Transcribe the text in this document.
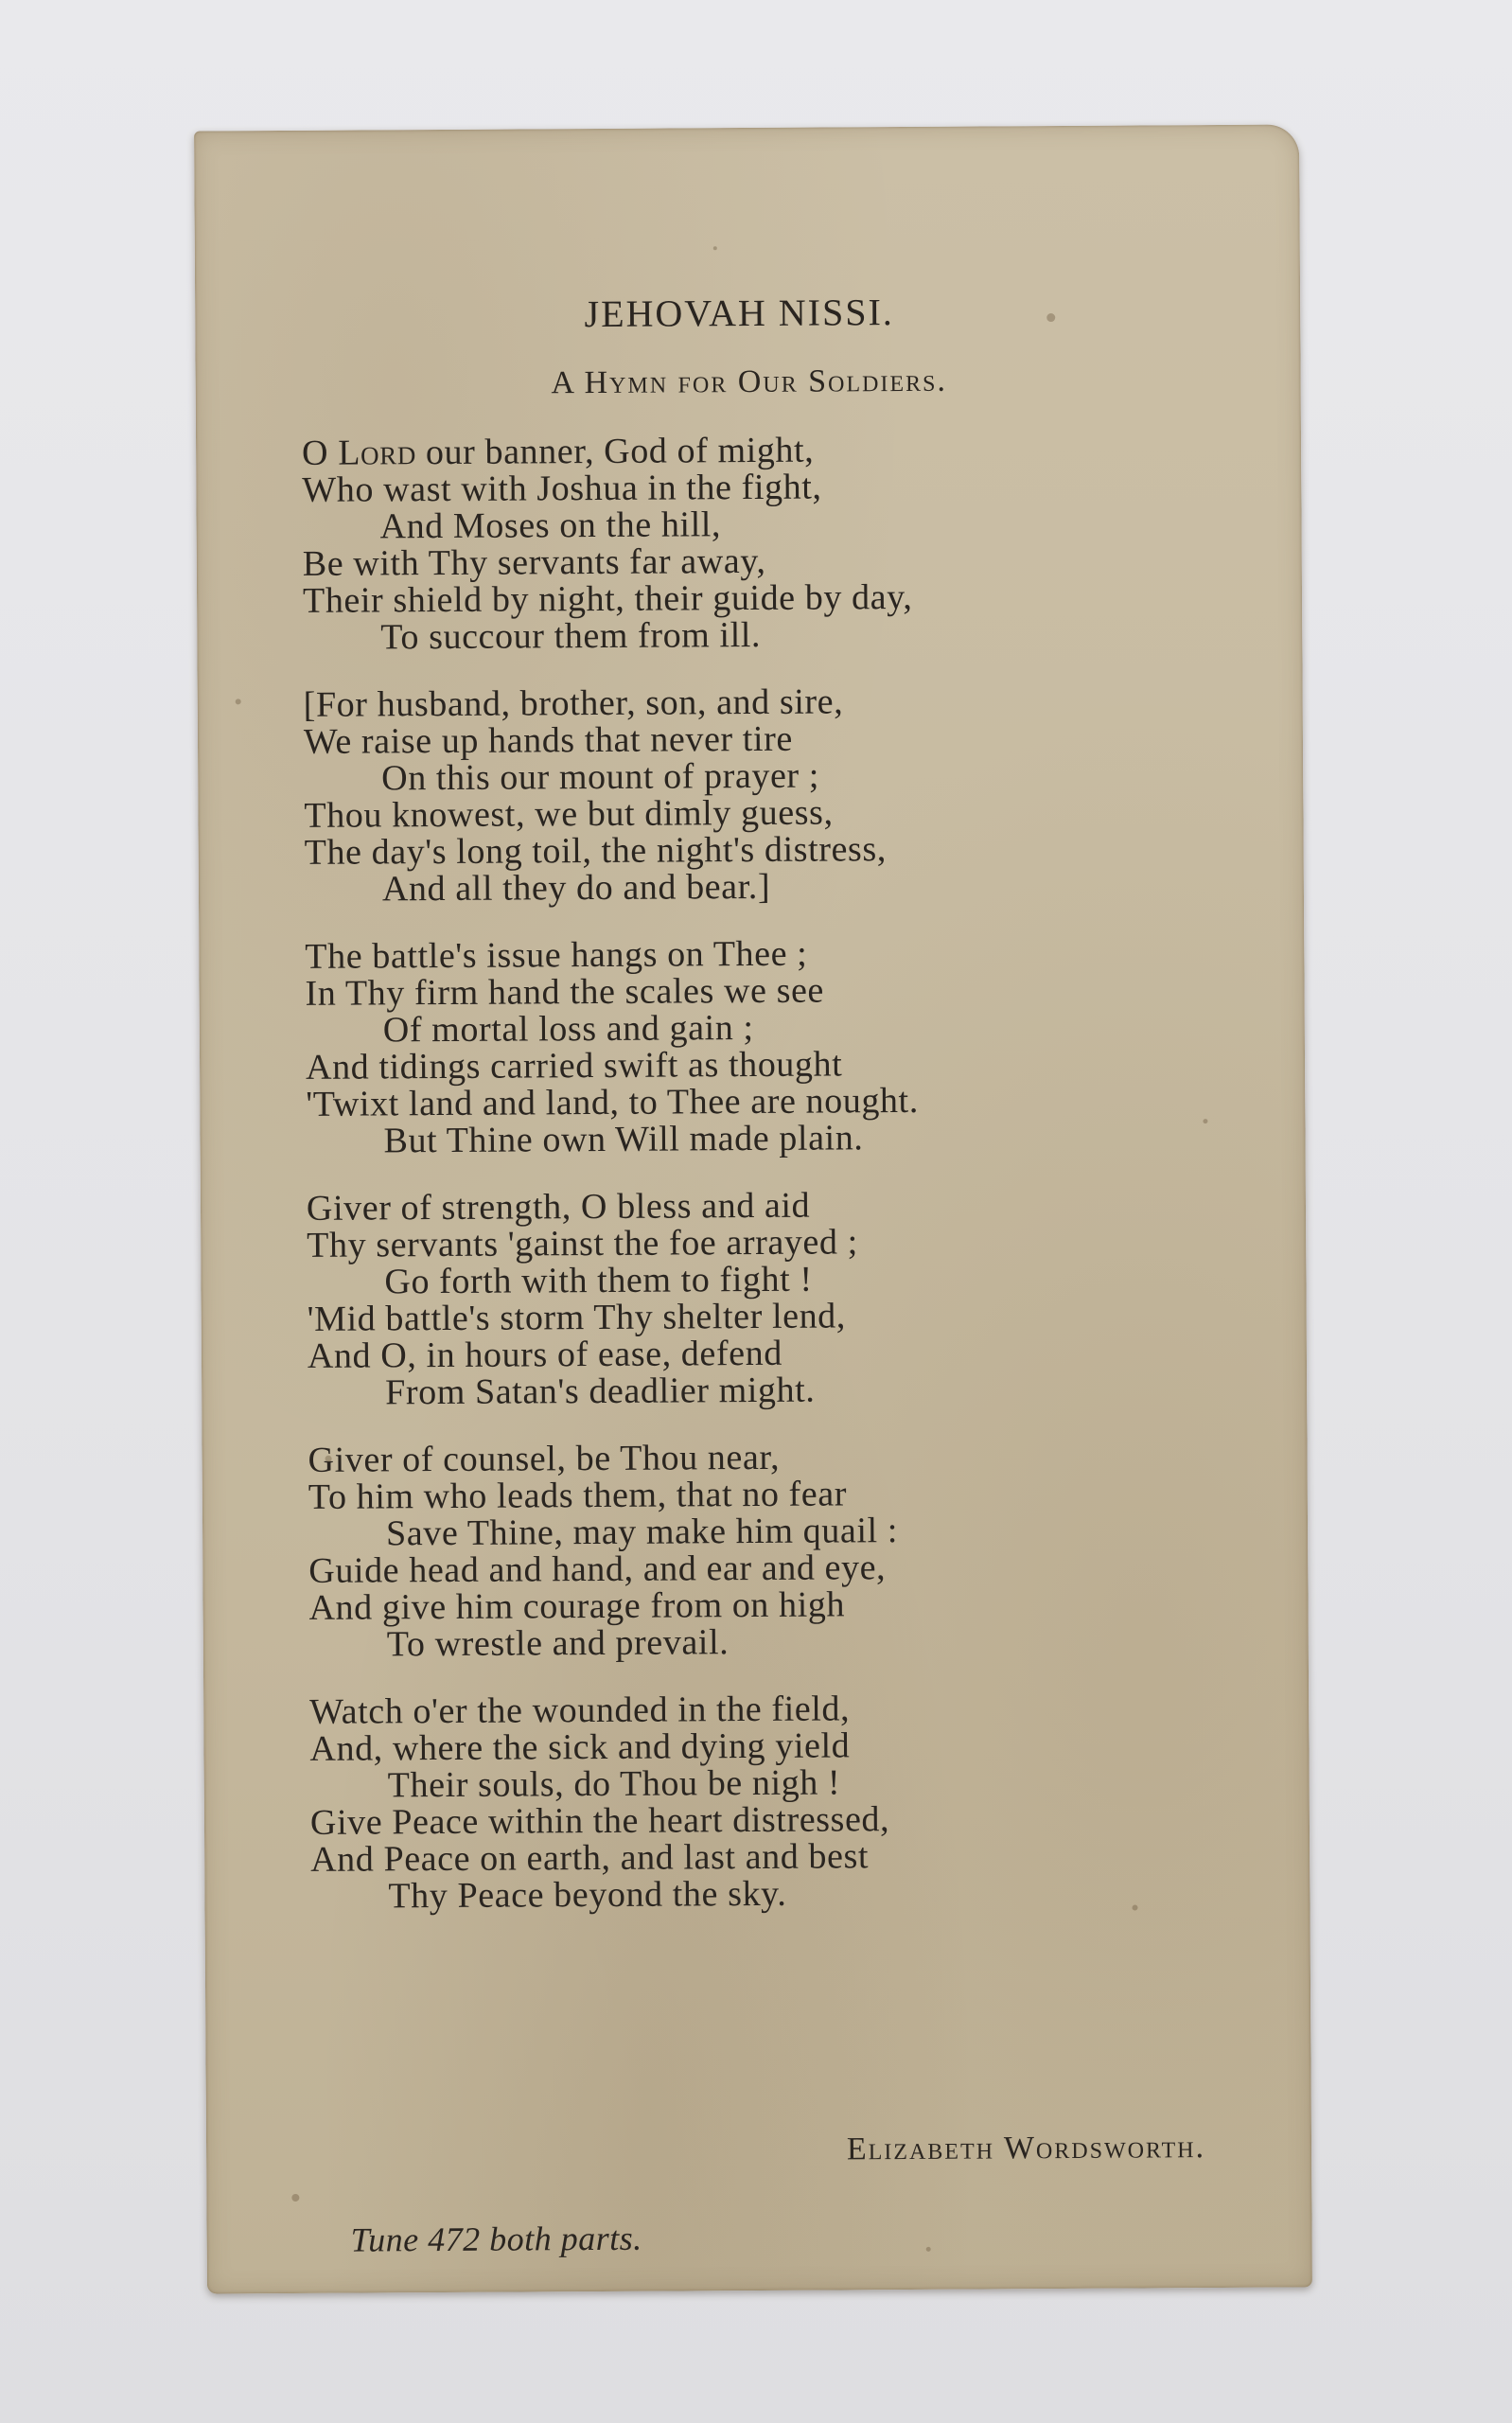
JEHOVAH NISSI.
A Hymn for Our Soldiers.
O Lord our banner, God of might,
Who wast with Joshua in the fight,
And Moses on the hill,
Be with Thy servants far away,
Their shield by night, their guide by day,
To succour them from ill.
[For husband, brother, son, and sire,
We raise up hands that never tire
On this our mount of prayer ;
Thou knowest, we but dimly guess,
The day's long toil, the night's distress,
And all they do and bear.]
The battle's issue hangs on Thee ;
In Thy firm hand the scales we see
Of mortal loss and gain ;
And tidings carried swift as thought
'Twixt land and land, to Thee are nought.
But Thine own Will made plain.
Giver of strength, O bless and aid
Thy servants 'gainst the foe arrayed ;
Go forth with them to fight !
'Mid battle's storm Thy shelter lend,
And O, in hours of ease, defend
From Satan's deadlier might.
Giver of counsel, be Thou near,
To him who leads them, that no fear
Save Thine, may make him quail :
Guide head and hand, and ear and eye,
And give him courage from on high
To wrestle and prevail.
Watch o'er the wounded in the field,
And, where the sick and dying yield
Their souls, do Thou be nigh !
Give Peace within the heart distressed,
And Peace on earth, and last and best
Thy Peace beyond the sky.
Elizabeth Wordsworth.
Tune 472 both parts.
